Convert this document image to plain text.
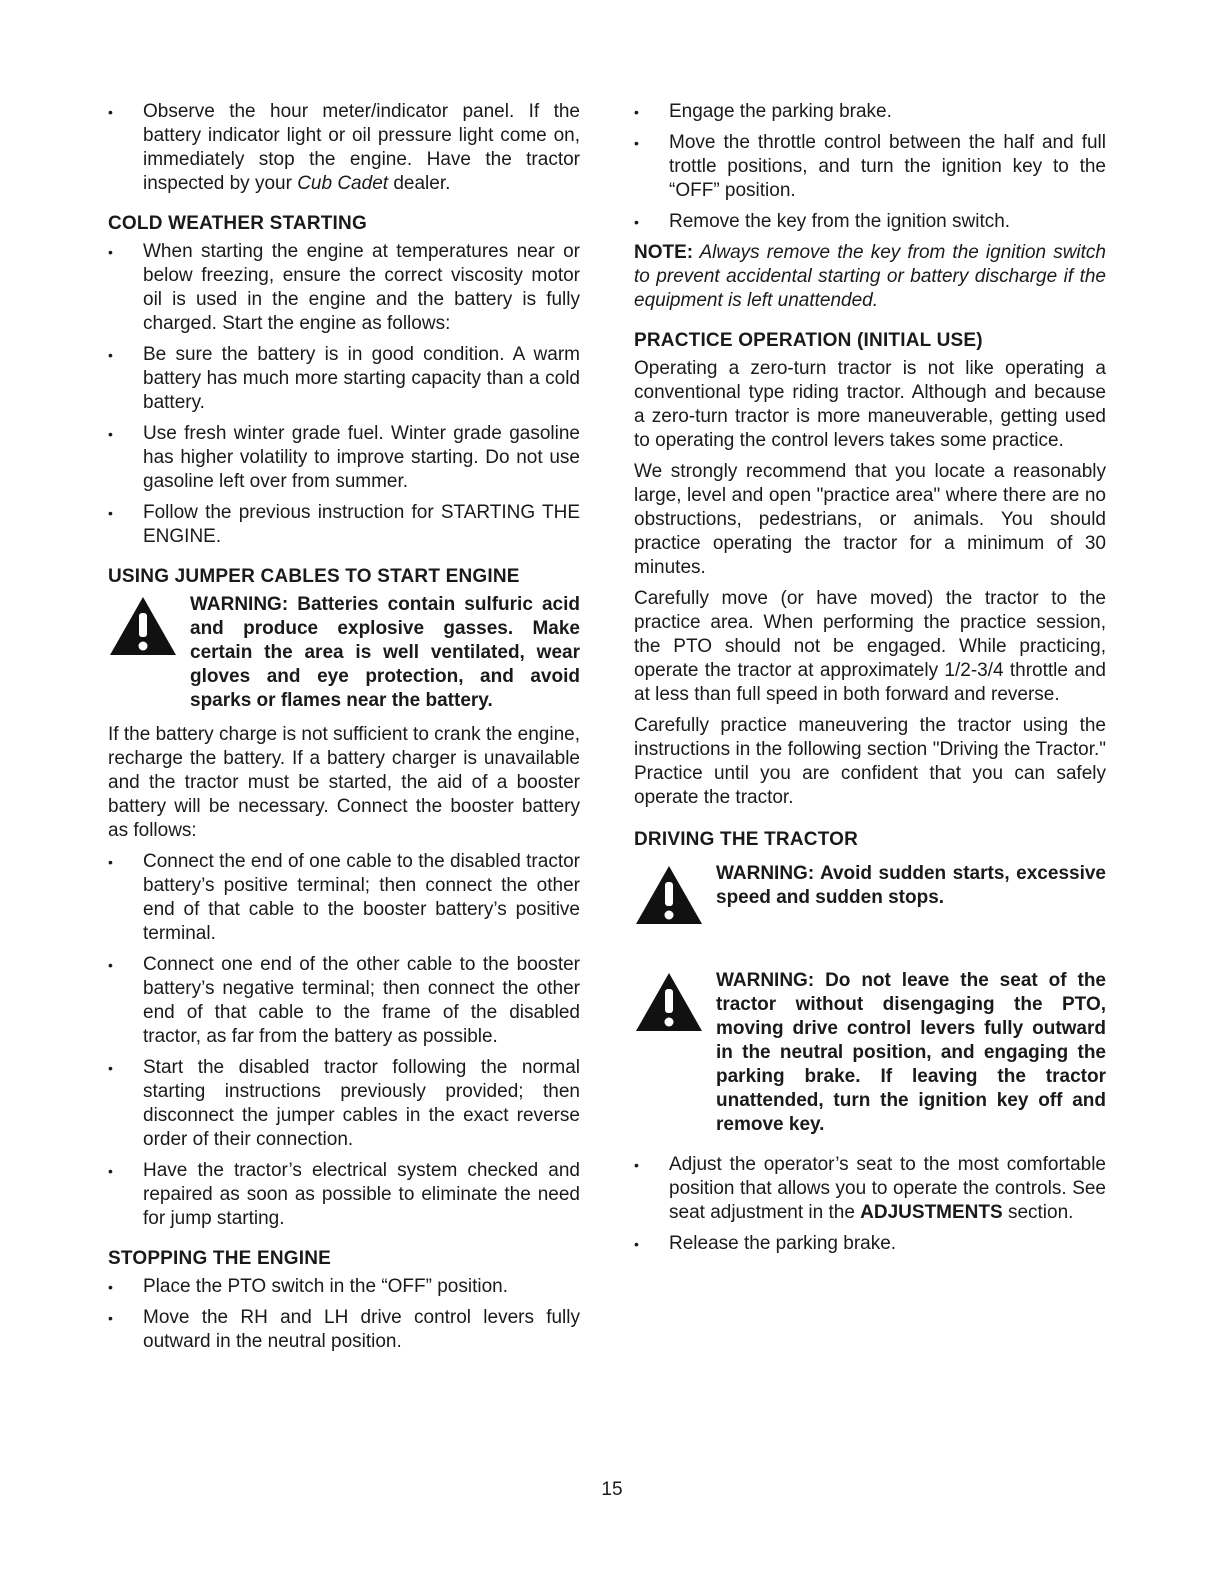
• Observe the hour meter/indicator panel. If the battery indicator light or oil pressure light come on, immediately stop the engine. Have the tractor inspected by your Cub Cadet dealer.
COLD WEATHER STARTING
• When starting the engine at temperatures near or below freezing, ensure the correct viscosity motor oil is used in the engine and the battery is fully charged. Start the engine as follows:
• Be sure the battery is in good condition. A warm battery has much more starting capacity than a cold battery.
• Use fresh winter grade fuel. Winter grade gasoline has higher volatility to improve starting. Do not use gasoline left over from summer.
• Follow the previous instruction for STARTING THE ENGINE.
USING JUMPER CABLES TO START ENGINE
WARNING: Batteries contain sulfuric acid and produce explosive gasses. Make certain the area is well ventilated, wear gloves and eye protection, and avoid sparks or flames near the battery.

If the battery charge is not sufficient to crank the engine, recharge the battery. If a battery charger is unavailable and the tractor must be started, the aid of a booster battery will be necessary. Connect the booster battery as follows:

• Connect the end of one cable to the disabled tractor battery’s positive terminal; then connect the other end of that cable to the booster battery’s positive terminal.
• Connect one end of the other cable to the booster battery’s negative terminal; then connect the other end of that cable to the frame of the disabled tractor, as far from the battery as possible.
• Start the disabled tractor following the normal starting instructions previously provided; then disconnect the jumper cables in the exact reverse order of their connection.
• Have the tractor’s electrical system checked and repaired as soon as possible to eliminate the need for jump starting.
STOPPING THE ENGINE
• Place the PTO switch in the “OFF” position.
• Move the RH and LH drive control levers fully outward in the neutral position.
• Engage the parking brake.
• Move the throttle control between the half and full trottle positions, and turn the ignition key to the “OFF” position.
• Remove the key from the ignition switch.

NOTE: Always remove the key from the ignition switch to prevent accidental starting or battery discharge if the equipment is left unattended.

PRACTICE OPERATION (INITIAL USE)

Operating a zero-turn tractor is not like operating a conventional type riding tractor. Although and because a zero-turn tractor is more maneuverable, getting used to operating the control levers takes some practice.

We strongly recommend that you locate a reasonably large, level and open "practice area" where there are no obstructions, pedestrians, or animals. You should practice operating the tractor for a minimum of 30 minutes.

Carefully move (or have moved) the tractor to the practice area. When performing the practice session, the PTO should not be engaged. While practicing, operate the tractor at approximately 1/2-3/4 throttle and at less than full speed in both forward and reverse.

Carefully practice maneuvering the tractor using the instructions in the following section "Driving the Tractor." Practice until you are confident that you can safely operate the tractor.

DRIVING THE TRACTOR
WARNING: Avoid sudden starts, excessive speed and sudden stops.
WARNING: Do not leave the seat of the tractor without disengaging the PTO, moving drive control levers fully outward in the neutral position, and engaging the parking brake. If leaving the tractor unattended, turn the ignition key off and remove key.
• Adjust the operator’s seat to the most comfortable position that allows you to operate the controls. See seat adjustment in the ADJUSTMENTS section.
• Release the parking brake.
15
